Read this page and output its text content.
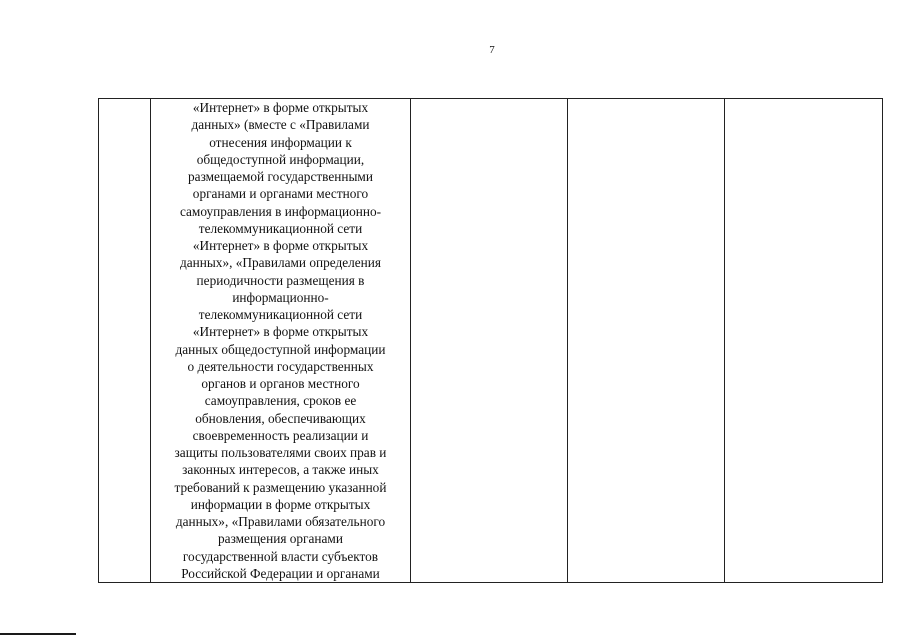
7

«Интернет» в форме открытых
данных» (вместе с «Правилами
отнесения информации к
общедоступной информации,
размещаемой государственными
органами и органами местного
самоуправления в информационно-
телекоммуникационной сети
«Интернет» в форме открытых
данных», «Правилами определения
периодичности размещения в
информационно-
телекоммуникационной сети
«Интернет» в форме открытых
данных общедоступной информации
о деятельности государственных
органов и органов местного
самоуправления, сроков ее
обновления, обеспечивающих
своевременность реализации и
защиты пользователями своих прав и
законных интересов, а также иных
требований к размещению указанной
информации в форме открытых
данных», «Правилами обязательного
размещения органами
государственной власти субъектов
Российской Федерации и органами
